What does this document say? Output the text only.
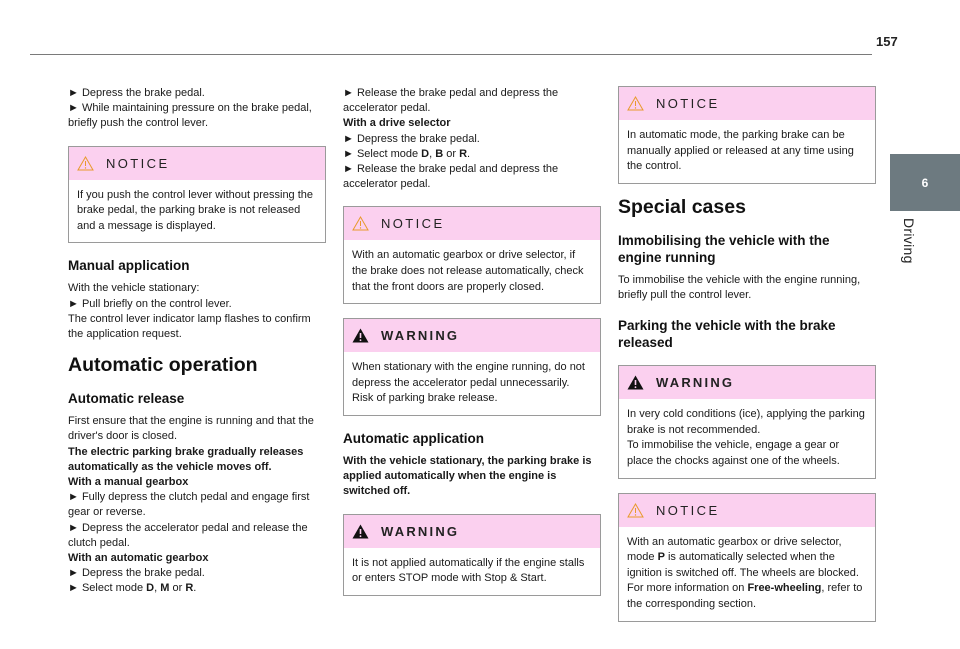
157
6
Driving

► Depress the brake pedal.

► While maintaining pressure on the brake pedal, briefly push the control lever.

NOTICE

If you push the control lever without pressing the brake pedal, the parking brake is not released and a message is displayed.

Manual application

With the vehicle stationary:

► Pull briefly on the control lever.

The control lever indicator lamp flashes to confirm the application request.

Automatic operation
Automatic release

First ensure that the engine is running and that the driver's door is closed.

The electric parking brake gradually releases automatically as the vehicle moves off.

With a manual gearbox

► Fully depress the clutch pedal and engage first gear or reverse.

► Depress the accelerator pedal and release the clutch pedal.

With an automatic gearbox

► Depress the brake pedal.

► Select mode D, M or R.

► Release the brake pedal and depress the accelerator pedal.

With a drive selector

► Depress the brake pedal.

► Select mode D, B or R.

► Release the brake pedal and depress the accelerator pedal.

NOTICE

With an automatic gearbox or drive selector, if the brake does not release automatically, check that the front doors are properly closed.

WARNING

When stationary with the engine running, do not depress the accelerator pedal unnecessarily. Risk of parking brake release.

Automatic application

With the vehicle stationary, the parking brake is applied automatically when the engine is switched off.

WARNING

It is not applied automatically if the engine stalls or enters STOP mode with Stop & Start.

NOTICE

In automatic mode, the parking brake can be manually applied or released at any time using the control.

Special cases
Immobilising the vehicle with the engine running

To immobilise the vehicle with the engine running, briefly pull the control lever.

Parking the vehicle with the brake released
WARNING

In very cold conditions (ice), applying the parking brake is not recommended.

To immobilise the vehicle, engage a gear or place the chocks against one of the wheels.

NOTICE

With an automatic gearbox or drive selector, mode P is automatically selected when the ignition is switched off. The wheels are blocked.

For more information on Free-wheeling, refer to the corresponding section.
